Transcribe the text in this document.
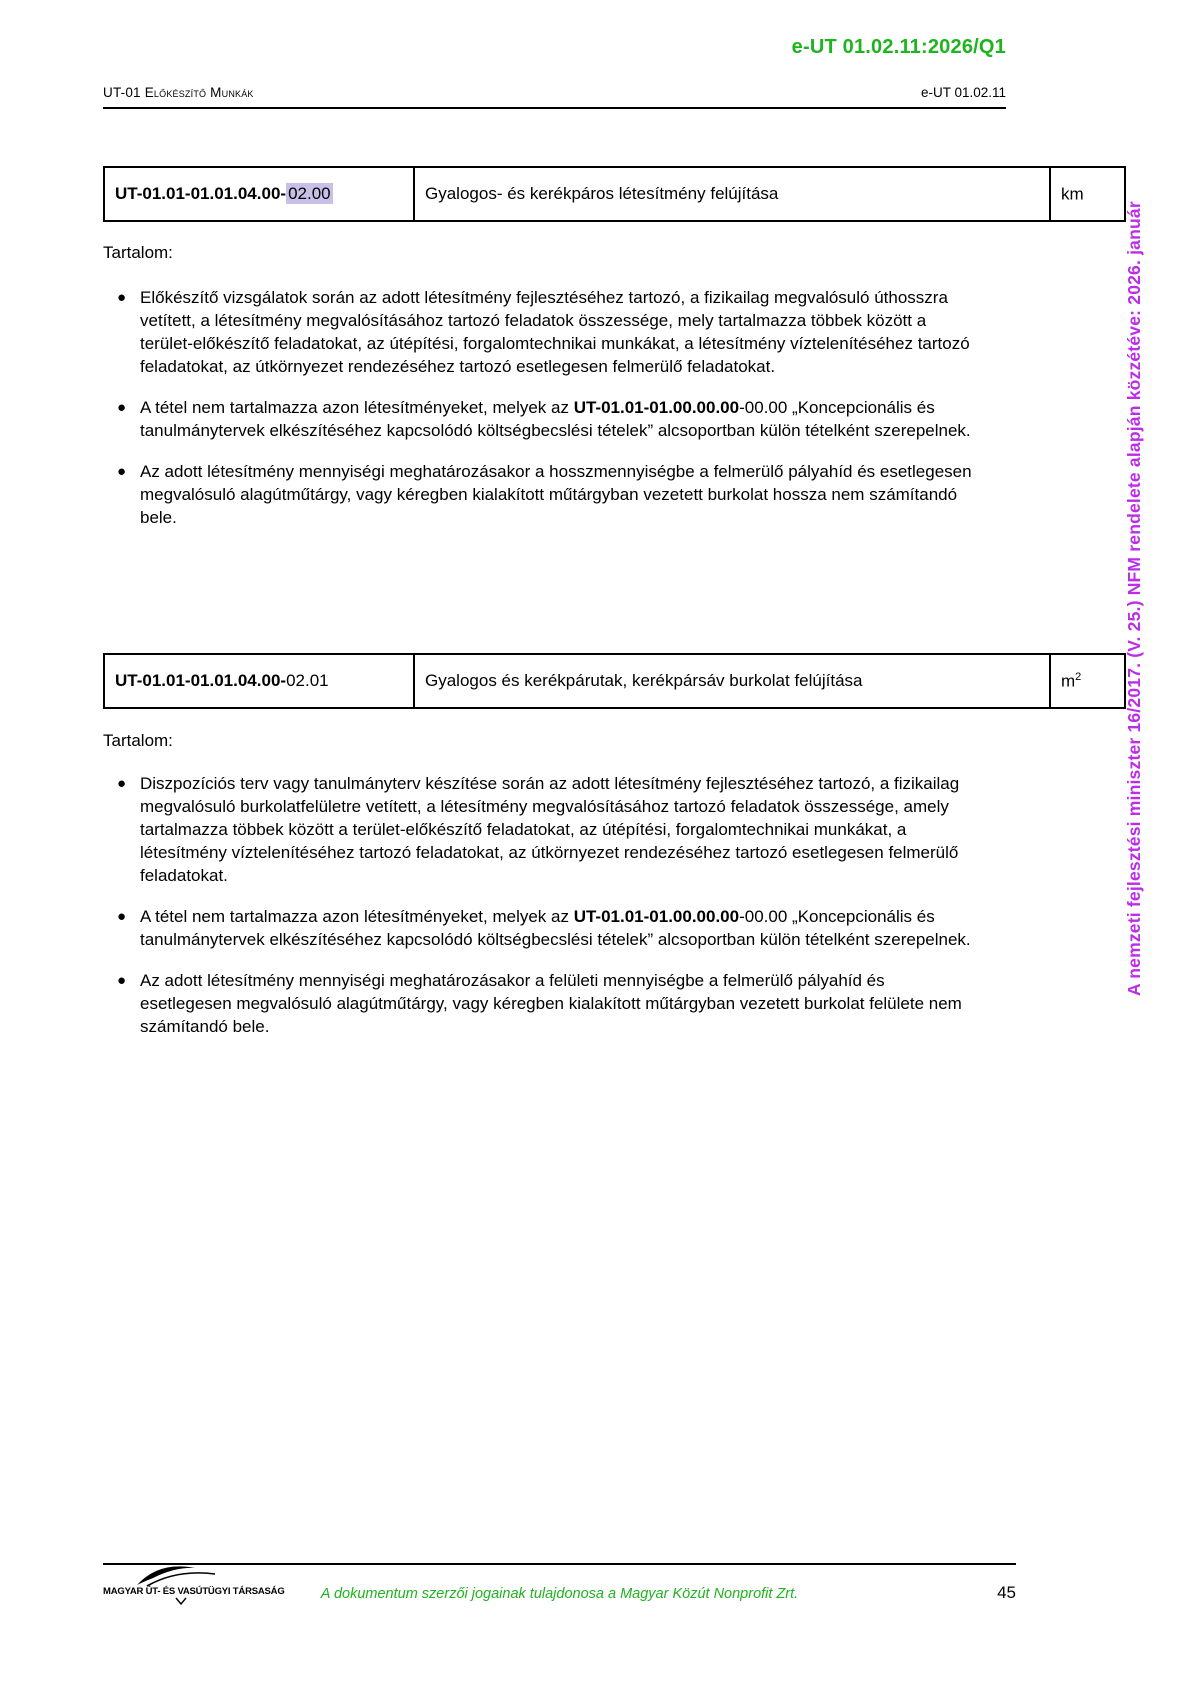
e-UT 01.02.11:2026/Q1
UT-01 Előkészítő Munkák	e-UT 01.02.11
UT-01.01-01.01.04.00- 02.00	Gyalogos- és kerékpáros létesítmény felújítása	km
Tartalom:
● Előkészítő vizsgálatok során az adott létesítmény fejlesztéséhez tartozó, a fizikailag megvalósuló úthosszra vetített, a létesítmény megvalósításához tartozó feladatok összessége, mely tartalmazza többek között a terület-előkészítő feladatokat, az útépítési, forgalomtechnikai munkákat, a létesítmény víztelenítéséhez tartozó feladatokat, az útkörnyezet rendezéséhez tartozó esetlegesen felmerülő feladatokat.
● A tétel nem tartalmazza azon létesítményeket, melyek az UT-01.01-01.00.00.00-00.00 „Koncepcionális és tanulmánytervek elkészítéséhez kapcsolódó költségbecslési tételek” alcsoportban külön tételként szerepelnek.
● Az adott létesítmény mennyiségi meghatározásakor a hosszmennyiségbe a felmerülő pályahíd és esetlegesen megvalósuló alagútműtárgy, vagy kéregben kialakított műtárgyban vezetett burkolat hossza nem számítandó bele.
UT-01.01-01.01.04.00-02.01	Gyalogos és kerékpárutak, kerékpársáv burkolat felújítása	$m^2$
Tartalom:
● Diszpozíciós terv vagy tanulmányterv készítése során az adott létesítmény fejlesztéséhez tartozó, a fizikailag megvalósuló burkolatfelületre vetített, a létesítmény megvalósításához tartozó feladatok összessége, amely tartalmazza többek között a terület-előkészítő feladatokat, az útépítési, forgalomtechnikai munkákat, a létesítmény víztelenítéséhez tartozó feladatokat, az útkörnyezet rendezéséhez tartozó esetlegesen felmerülő feladatokat.
● A tétel nem tartalmazza azon létesítményeket, melyek az UT-01.01-01.00.00.00-00.00 „Koncepcionális és tanulmánytervek elkészítéséhez kapcsolódó költségbecslési tételek” alcsoportban külön tételként szerepelnek.
● Az adott létesítmény mennyiségi meghatározásakor a felületi mennyiségbe a felmerülő pályahíd és esetlegesen megvalósuló alagútműtárgy, vagy kéregben kialakított műtárgyban vezetett burkolat felülete nem számítandó bele.
A nemzeti fejlesztési miniszter 16/2017. (V. 25.) NFM rendelete alapján közzétéve: 2026. január
MAGYAR ÚT- ÉS VASÚTÜGYI TÁRSASÁG	A dokumentum szerzői jogainak tulajdonosa a Magyar Közút Nonprofit Zrt.	45
